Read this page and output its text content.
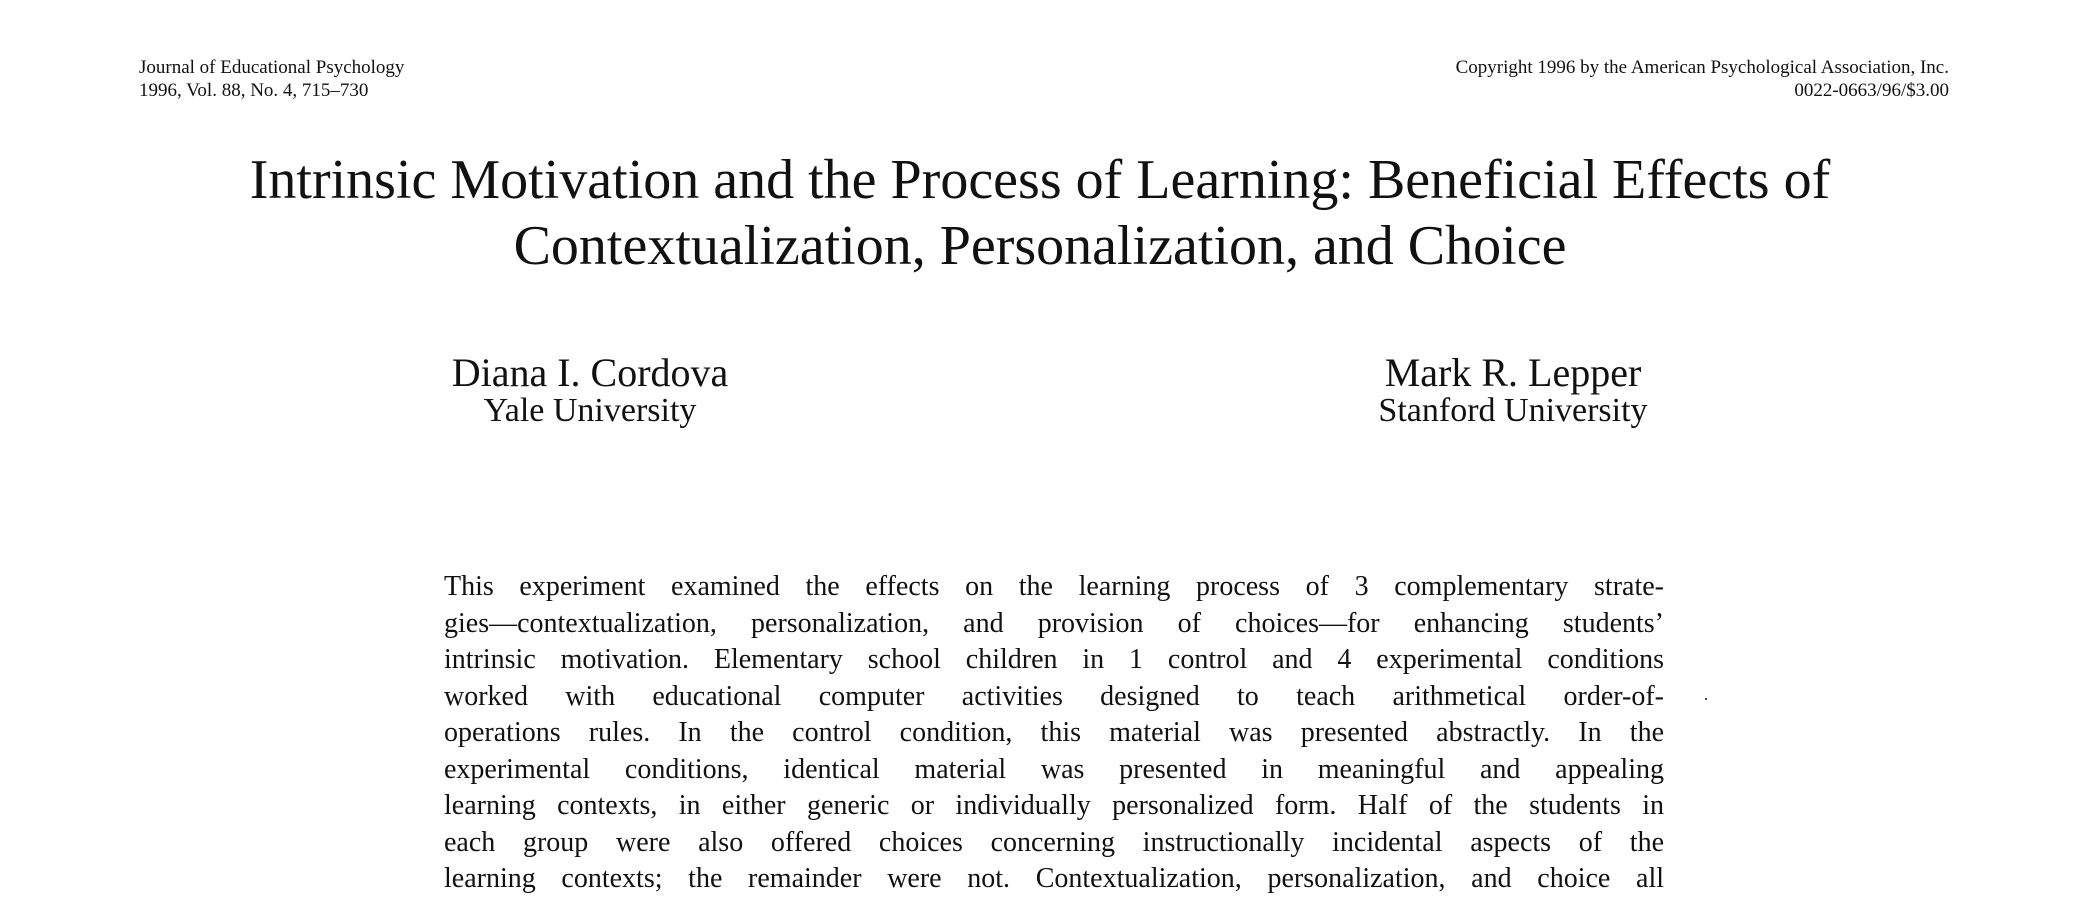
Journal of Educational Psychology
1996, Vol. 88, No. 4, 715–730
Copyright 1996 by the American Psychological Association, Inc.
0022-0663/96/$3.00
Intrinsic Motivation and the Process of Learning: Beneficial Effects of
Contextualization, Personalization, and Choice
Diana I. Cordova
Yale University
Mark R. Lepper
Stanford University
This experiment examined the effects on the learning process of 3 complementary strate-
gies—contextualization, personalization, and provision of choices—for enhancing students’
intrinsic motivation. Elementary school children in 1 control and 4 experimental conditions
worked with educational computer activities designed to teach arithmetical order-of-
operations rules. In the control condition, this material was presented abstractly. In the
experimental conditions, identical material was presented in meaningful and appealing
learning contexts, in either generic or individually personalized form. Half of the students in
each group were also offered choices concerning instructionally incidental aspects of the
learning contexts; the remainder were not. Contextualization, personalization, and choice all
